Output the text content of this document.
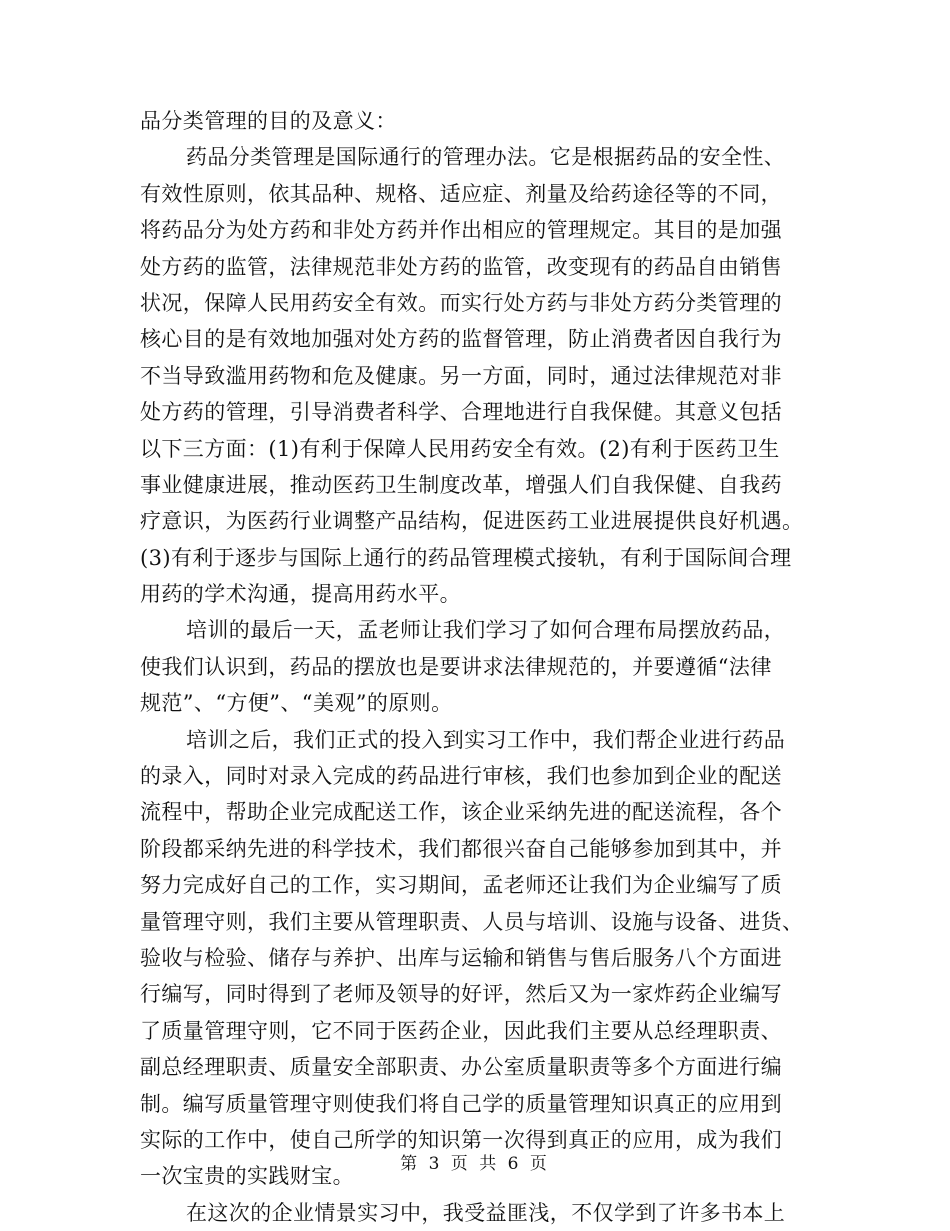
品分类管理的目的及意义：
药品分类管理是国际通行的管理办法。它是根据药品的安全性、
有效性原则，依其品种、规格、适应症、剂量及给药途径等的不同，
将药品分为处方药和非处方药并作出相应的管理规定。其目的是加强
处方药的监管，法律规范非处方药的监管，改变现有的药品自由销售
状况，保障人民用药安全有效。而实行处方药与非处方药分类管理的
核心目的是有效地加强对处方药的监督管理，防止消费者因自我行为
不当导致滥用药物和危及健康。另一方面，同时，通过法律规范对非
处方药的管理，引导消费者科学、合理地进行自我保健。其意义包括
以下三方面：(1)有利于保障人民用药安全有效。(2)有利于医药卫生
事业健康进展，推动医药卫生制度改革，增强人们自我保健、自我药
疗意识，为医药行业调整产品结构，促进医药工业进展提供良好机遇。
(3)有利于逐步与国际上通行的药品管理模式接轨，有利于国际间合理
用药的学术沟通，提高用药水平。
培训的最后一天，孟老师让我们学习了如何合理布局摆放药品，
使我们认识到，药品的摆放也是要讲求法律规范的，并要遵循“法律
规范”、“方便”、“美观”的原则。
培训之后，我们正式的投入到实习工作中，我们帮企业进行药品
的录入，同时对录入完成的药品进行审核，我们也参加到企业的配送
流程中，帮助企业完成配送工作，该企业采纳先进的配送流程，各个
阶段都采纳先进的科学技术，我们都很兴奋自己能够参加到其中，并
努力完成好自己的工作，实习期间，孟老师还让我们为企业编写了质
量管理守则，我们主要从管理职责、人员与培训、设施与设备、进货、
验收与检验、储存与养护、出库与运输和销售与售后服务八个方面进
行编写，同时得到了老师及领导的好评，然后又为一家炸药企业编写
了质量管理守则，它不同于医药企业，因此我们主要从总经理职责、
副总经理职责、质量安全部职责、办公室质量职责等多个方面进行编
制。编写质量管理守则使我们将自己学的质量管理知识真正的应用到
实际的工作中，使自己所学的知识第一次得到真正的应用，成为我们
一次宝贵的实践财宝。
在这次的企业情景实习中，我受益匪浅，不仅学到了许多书本上
第 3 页 共 6 页
